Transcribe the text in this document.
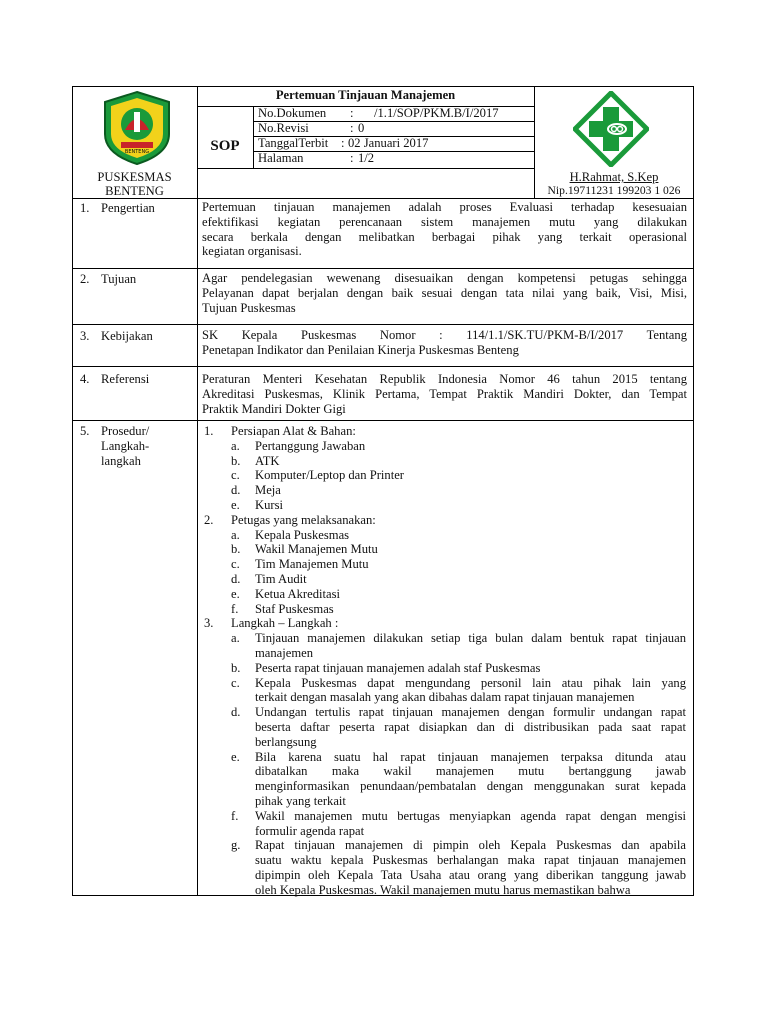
BENTENG
Pertemuan Tinjauan Manajemen
SOP
No.Dokumen : /1.1/SOP/PKM.B/I/2017
No.Revisi	: 0
TanggalTerbit : 02 Januari 2017
Halaman	: 1/2
PUSKESMAS
BENTENG
H.Rahmat, S.Kep
Nip.19711231 199203 1 026
1. Pengertian
2. Tujuan
3. Kebijakan
4. Referensi
5. Prosedur/
Langkah-
langkah
Pertemuan tinjauan manajemen adalah proses Evaluasi terhadap kesesuaian
efektifikasi kegiatan perencanaan sistem manajemen mutu yang dilakukan
secara berkala dengan melibatkan berbagai pihak yang terkait operasional
kegiatan organisasi.
Agar pendelegasian wewenang disesuaikan dengan kompetensi petugas sehingga
Pelayanan dapat berjalan dengan baik sesuai dengan tata nilai yang baik, Visi, Misi,
Tujuan Puskesmas
SK Kepala Puskesmas Nomor : 114/1.1/SK.TU/PKM-B/I/2017 Tentang
Penetapan Indikator dan Penilaian Kinerja Puskesmas Benteng
Peraturan Menteri Kesehatan Republik Indonesia Nomor 46 tahun 2015 tentang
Akreditasi Puskesmas, Klinik Pertama, Tempat Praktik Mandiri Dokter, dan Tempat
Praktik Mandiri Dokter Gigi
1. Persiapan Alat & Bahan:
a. Pertanggung Jawaban
b. ATK
c. Komputer/Leptop dan Printer
d. Meja
e. Kursi
2. Petugas yang melaksanakan:
a. Kepala Puskesmas
b. Wakil Manajemen Mutu
c. Tim Manajemen Mutu
d. Tim Audit
e. Ketua Akreditasi
f. Staf Puskesmas
3. Langkah – Langkah :
a. Tinjauan manajemen dilakukan setiap tiga bulan dalam bentuk rapat tinjauan
manajemen
b. Peserta rapat tinjauan manajemen adalah staf Puskesmas
c. Kepala Puskesmas dapat mengundang personil lain atau pihak lain yang
terkait dengan masalah yang akan dibahas dalam rapat tinjauan manajemen
d. Undangan tertulis rapat tinjauan manajemen dengan formulir undangan rapat
beserta daftar peserta rapat disiapkan dan di distribusikan pada saat rapat
berlangsung
e. Bila karena suatu hal rapat tinjauan manajemen terpaksa ditunda atau
dibatalkan maka wakil manajemen mutu bertanggung jawab
menginformasikan penundaan/pembatalan dengan menggunakan surat kepada
pihak yang terkait
f. Wakil manajemen mutu bertugas menyiapkan agenda rapat dengan mengisi
formulir agenda rapat
g. Rapat tinjauan manajemen di pimpin oleh Kepala Puskesmas dan apabila
suatu waktu kepala Puskesmas berhalangan maka rapat tinjauan manajemen
dipimpin oleh Kepala Tata Usaha atau orang yang diberikan tanggung jawab
oleh Kepala Puskesmas. Wakil manajemen mutu harus memastikan bahwa
